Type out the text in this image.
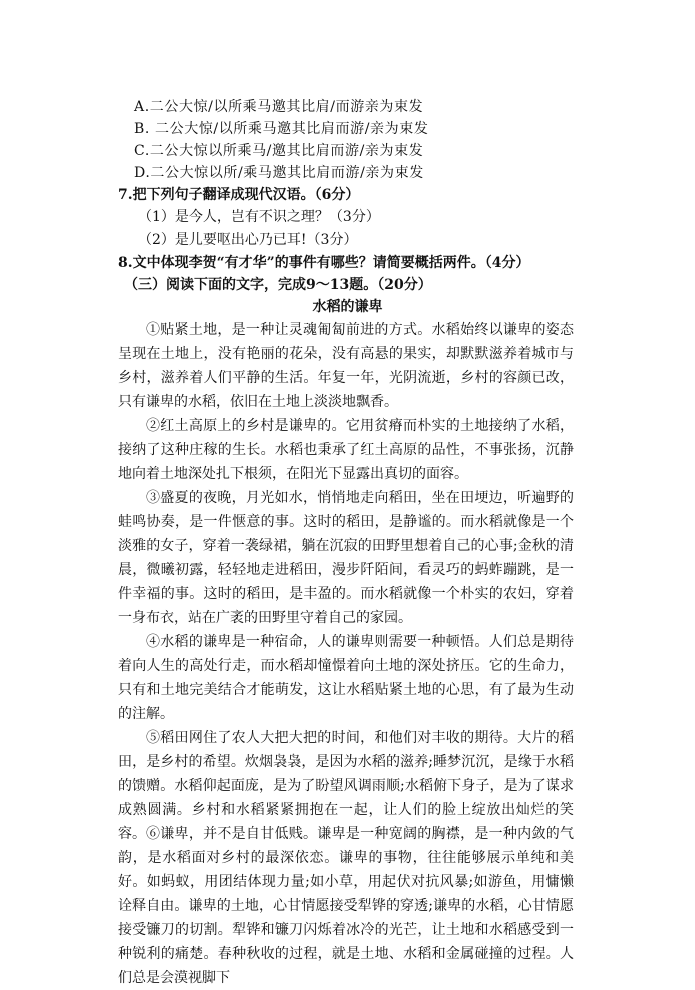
A.二公大惊/以所乘马邀其比肩/而游亲为束发
B. 二公大惊/以所乘马邀其比肩而游/亲为束发
C.二公大惊以所乘马/邀其比肩而游/亲为束发
D.二公大惊以所/乘马邀其比肩而游/亲为束发
7.把下列句子翻译成现代汉语。（6分）
（1）是今人，岂有不识之理？（3分）
（2）是儿要呕出心乃已耳!（3分）
8.文中体现李贺“有才华”的事件有哪些？请简要概括两件。（4分）
（三）阅读下面的文字，完成9～13题。（20分）
水稻的谦卑
①贴紧土地，是一种让灵魂匍匐前进的方式。水稻始终以谦卑的姿态呈现在土地上，没有艳丽的花朵，没有高悬的果实，却默默滋养着城市与乡村，滋养着人们平静的生活。年复一年，光阴流逝，乡村的容颜已改，只有谦卑的水稻，依旧在土地上淡淡地飘香。
②红土高原上的乡村是谦卑的。它用贫瘠而朴实的土地接纳了水稻，接纳了这种庄稼的生长。水稻也秉承了红土高原的品性，不事张扬，沉静地向着土地深处扎下根须，在阳光下显露出真切的面容。
③盛夏的夜晚，月光如水，悄悄地走向稻田，坐在田埂边，听遍野的蛙鸣协奏，是一件惬意的事。这时的稻田，是静谧的。而水稻就像是一个淡雅的女子，穿着一袭绿裙，躺在沉寂的田野里想着自己的心事;金秋的清晨，微曦初露，轻轻地走进稻田，漫步阡陌间，看灵巧的蚂蚱蹦跳，是一件幸福的事。这时的稻田，是丰盈的。而水稻就像一个朴实的农妇，穿着一身布衣，站在广袤的田野里守着自己的家园。
④水稻的谦卑是一种宿命，人的谦卑则需要一种顿悟。人们总是期待着向人生的高处行走，而水稻却憧憬着向土地的深处挤压。它的生命力，只有和土地完美结合才能萌发，这让水稻贴紧土地的心思，有了最为生动的注解。
⑤稻田网住了农人大把大把的时间，和他们对丰收的期待。大片的稻田，是乡村的希望。炊烟袅袅，是因为水稻的滋养;睡梦沉沉，是缘于水稻的馈赠。水稻仰起面庞，是为了盼望风调雨顺;水稻俯下身子，是为了谋求成熟圆满。乡村和水稻紧紧拥抱在一起，让人们的脸上绽放出灿烂的笑容。 ⑥谦卑，并不是自甘低贱。谦卑是一种宽阔的胸襟，是一种内敛的气韵，是水稻面对乡村的最深依恋。谦卑的事物，往往能够展示单纯和美好。如蚂蚁，用团结体现力量;如小草，用起伏对抗风暴;如游鱼，用慵懒诠释自由。谦卑的土地，心甘情愿接受犁铧的穿透;谦卑的水稻，心甘情愿接受镰刀的切割。犁铧和镰刀闪烁着冰冷的光芒，让土地和水稻感受到一种锐利的痛楚。春种秋收的过程，就是土地、水稻和金属碰撞的过程。人们总是会漠视脚下
